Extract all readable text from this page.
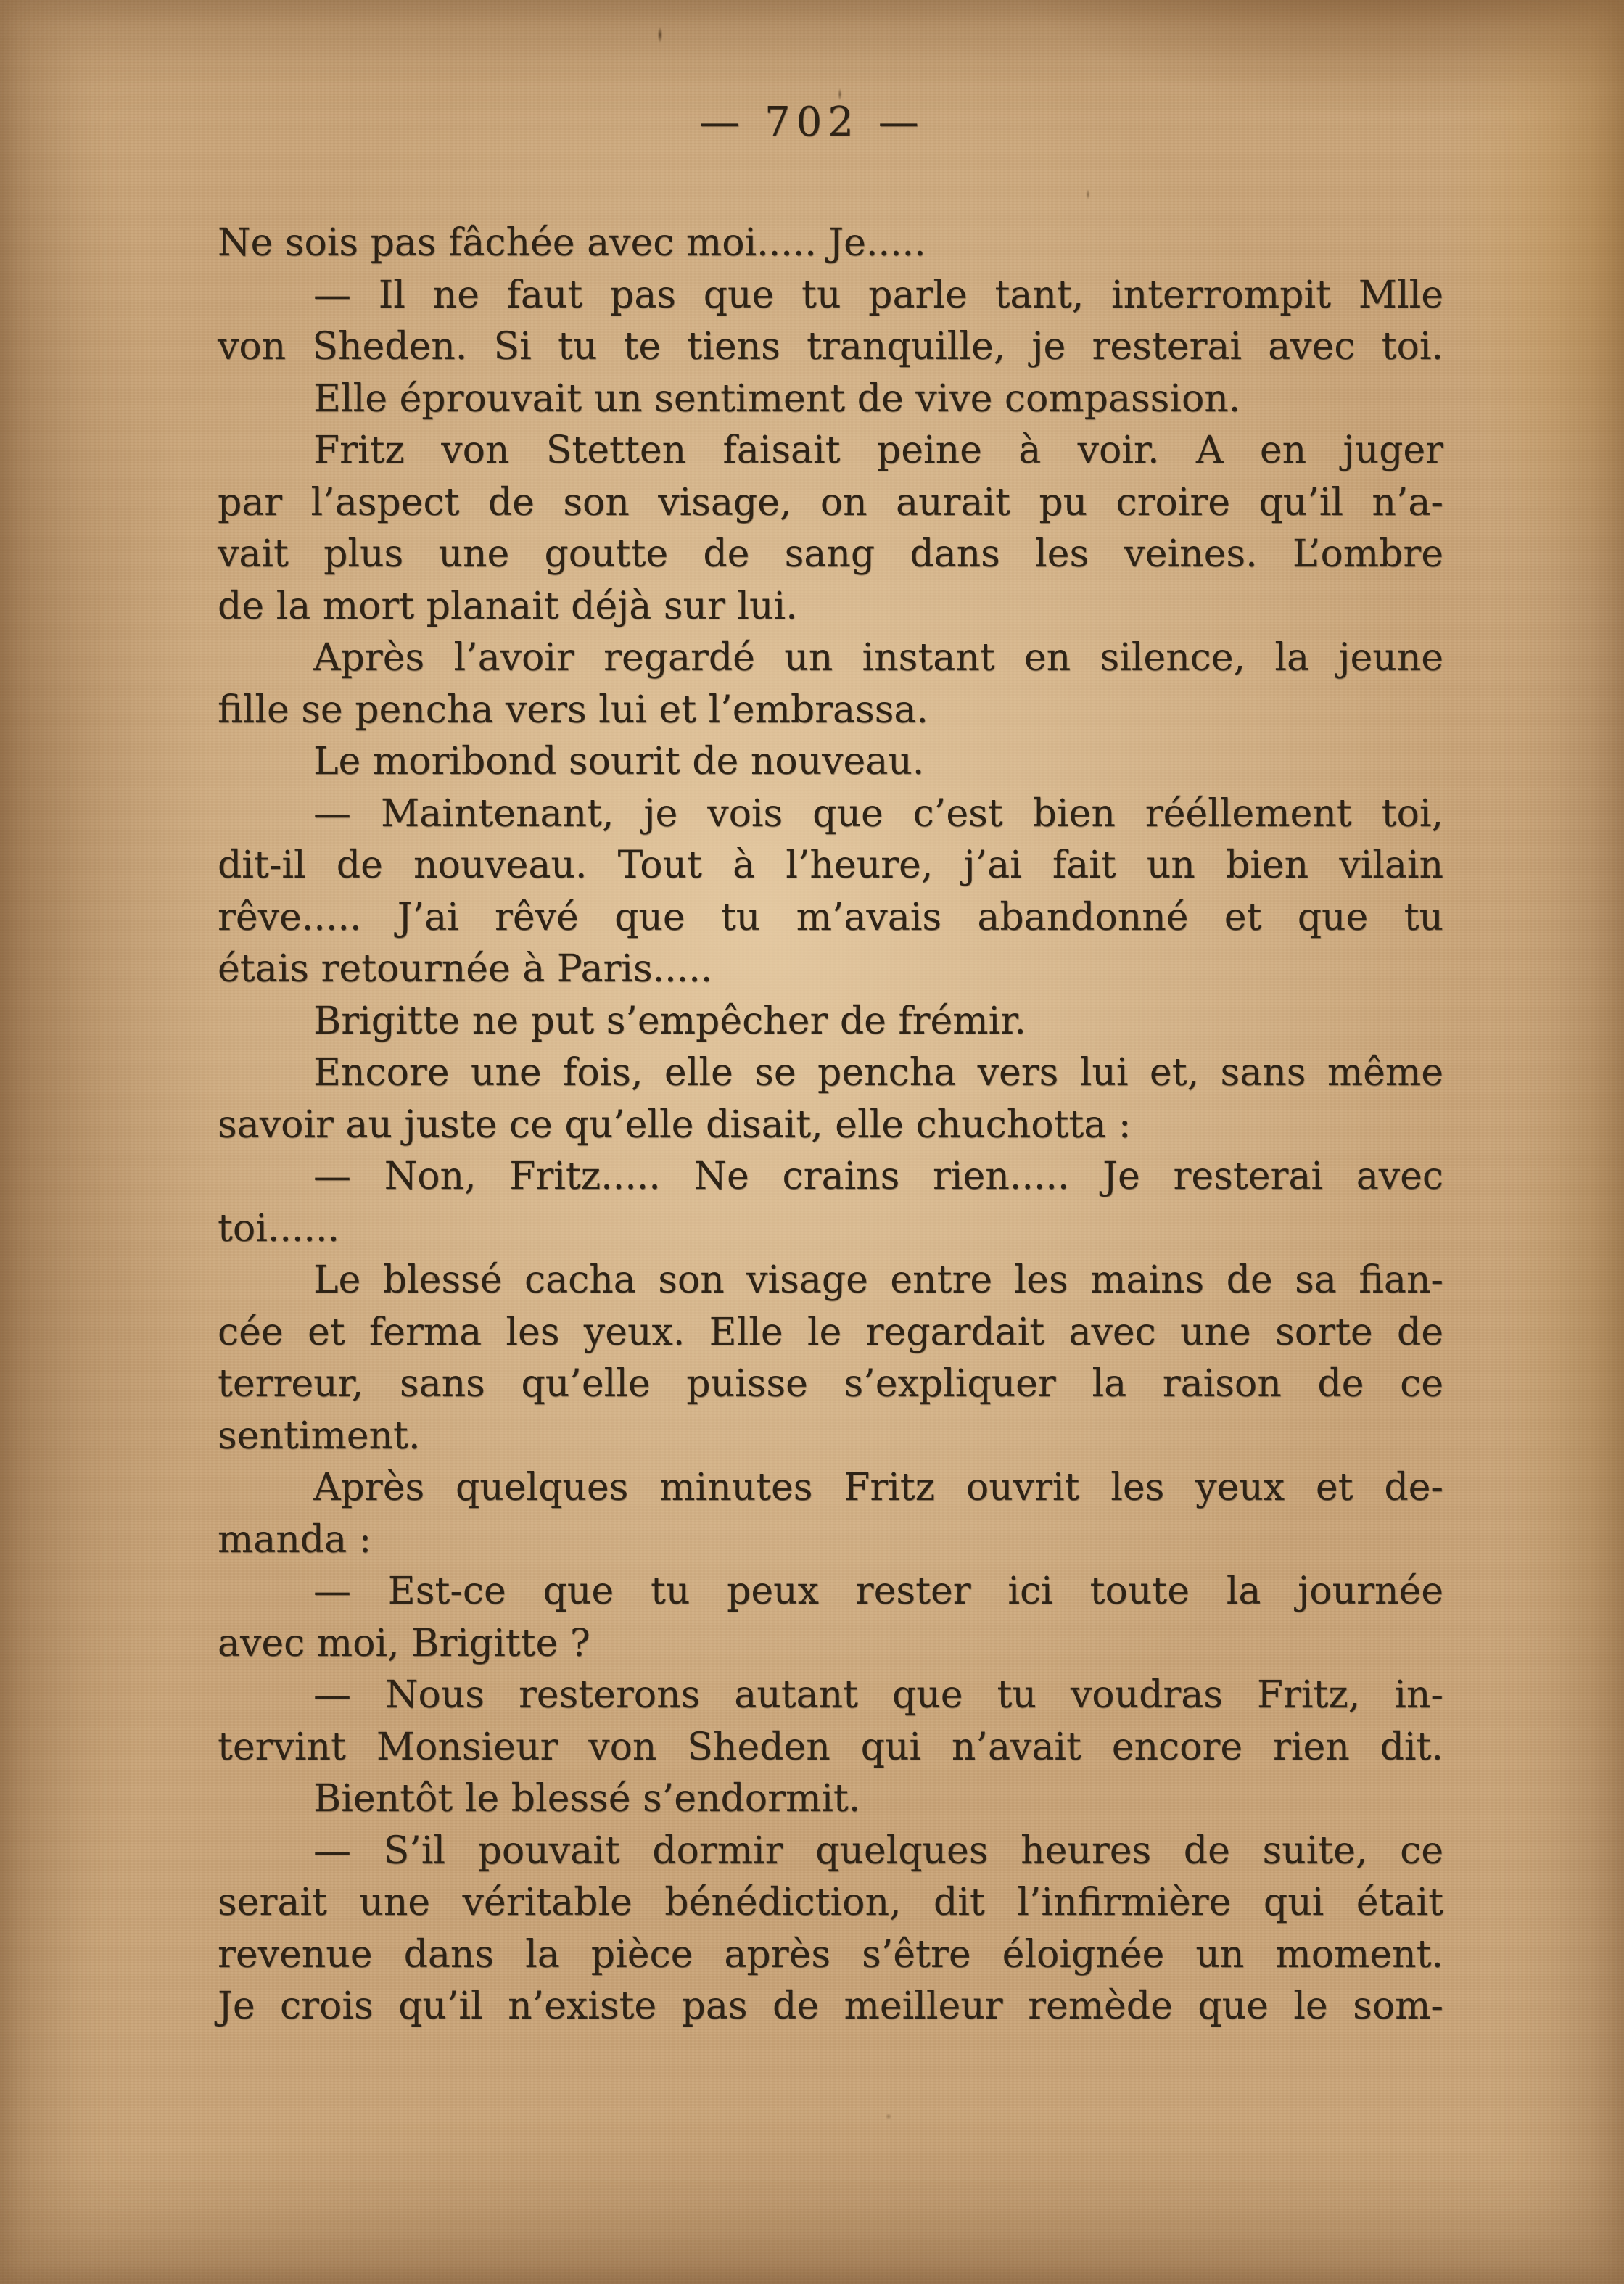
— 702 —
Ne sois pas fâchée avec moi..... Je.....
— Il ne faut pas que tu parle tant, interrompit Mlle
von Sheden. Si tu te tiens tranquille, je resterai avec toi.
Elle éprouvait un sentiment de vive compassion.
Fritz von Stetten faisait peine à voir. A en juger
par l’aspect de son visage, on aurait pu croire qu’il n’a-
vait plus une goutte de sang dans les veines. L’ombre
de la mort planait déjà sur lui.
Après l’avoir regardé un instant en silence, la jeune
fille se pencha vers lui et l’embrassa.
Le moribond sourit de nouveau.
— Maintenant, je vois que c’est bien rééllement toi,
dit-il de nouveau. Tout à l’heure, j’ai fait un bien vilain
rêve..... J’ai rêvé que tu m’avais abandonné et que tu
étais retournée à Paris.....
Brigitte ne put s’empêcher de frémir.
Encore une fois, elle se pencha vers lui et, sans même
savoir au juste ce qu’elle disait, elle chuchotta :
— Non, Fritz..... Ne crains rien..... Je resterai avec
toi......
Le blessé cacha son visage entre les mains de sa fian-
cée et ferma les yeux. Elle le regardait avec une sorte de
terreur, sans qu’elle puisse s’expliquer la raison de ce
sentiment.
Après quelques minutes Fritz ouvrit les yeux et de-
manda :
— Est-ce que tu peux rester ici toute la journée
avec moi, Brigitte ?
— Nous resterons autant que tu voudras Fritz, in-
tervint Monsieur von Sheden qui n’avait encore rien dit.
Bientôt le blessé s’endormit.
— S’il pouvait dormir quelques heures de suite, ce
serait une véritable bénédiction, dit l’infirmière qui était
revenue dans la pièce après s’être éloignée un moment.
Je crois qu’il n’existe pas de meilleur remède que le som-
